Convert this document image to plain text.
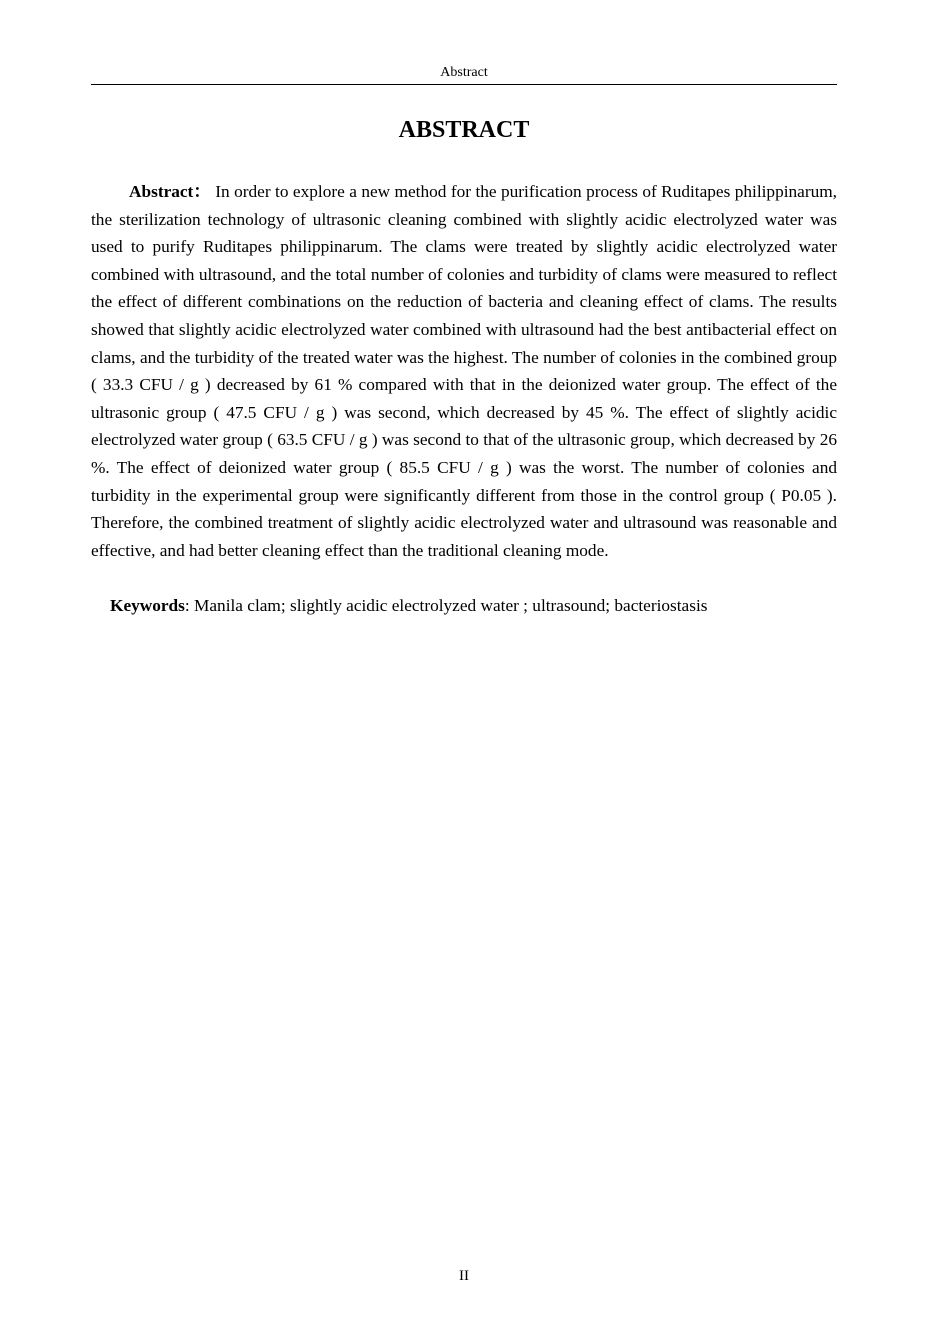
Abstract
ABSTRACT

Abstract： In order to explore a new method for the purification process of Ruditapes philippinarum, the sterilization technology of ultrasonic cleaning combined with slightly acidic electrolyzed water was used to purify Ruditapes philippinarum. The clams were treated by slightly acidic electrolyzed water combined with ultrasound, and the total number of colonies and turbidity of clams were measured to reflect the effect of different combinations on the reduction of bacteria and cleaning effect of clams. The results showed that slightly acidic electrolyzed water combined with ultrasound had the best antibacterial effect on clams, and the turbidity of the treated water was the highest. The number of colonies in the combined group ( 33.3 CFU / g ) decreased by 61 % compared with that in the deionized water group. The effect of the ultrasonic group ( 47.5 CFU / g ) was second, which decreased by 45 %. The effect of slightly acidic electrolyzed water group ( 63.5 CFU / g ) was second to that of the ultrasonic group, which decreased by 26 %. The effect of deionized water group ( 85.5 CFU / g ) was the worst. The number of colonies and turbidity in the experimental group were significantly different from those in the control group ( P0.05 ). Therefore, the combined treatment of slightly acidic electrolyzed water and ultrasound was reasonable and effective, and had better cleaning effect than the traditional cleaning mode.

Keywords: Manila clam; slightly acidic electrolyzed water ; ultrasound; bacteriostasis

II
